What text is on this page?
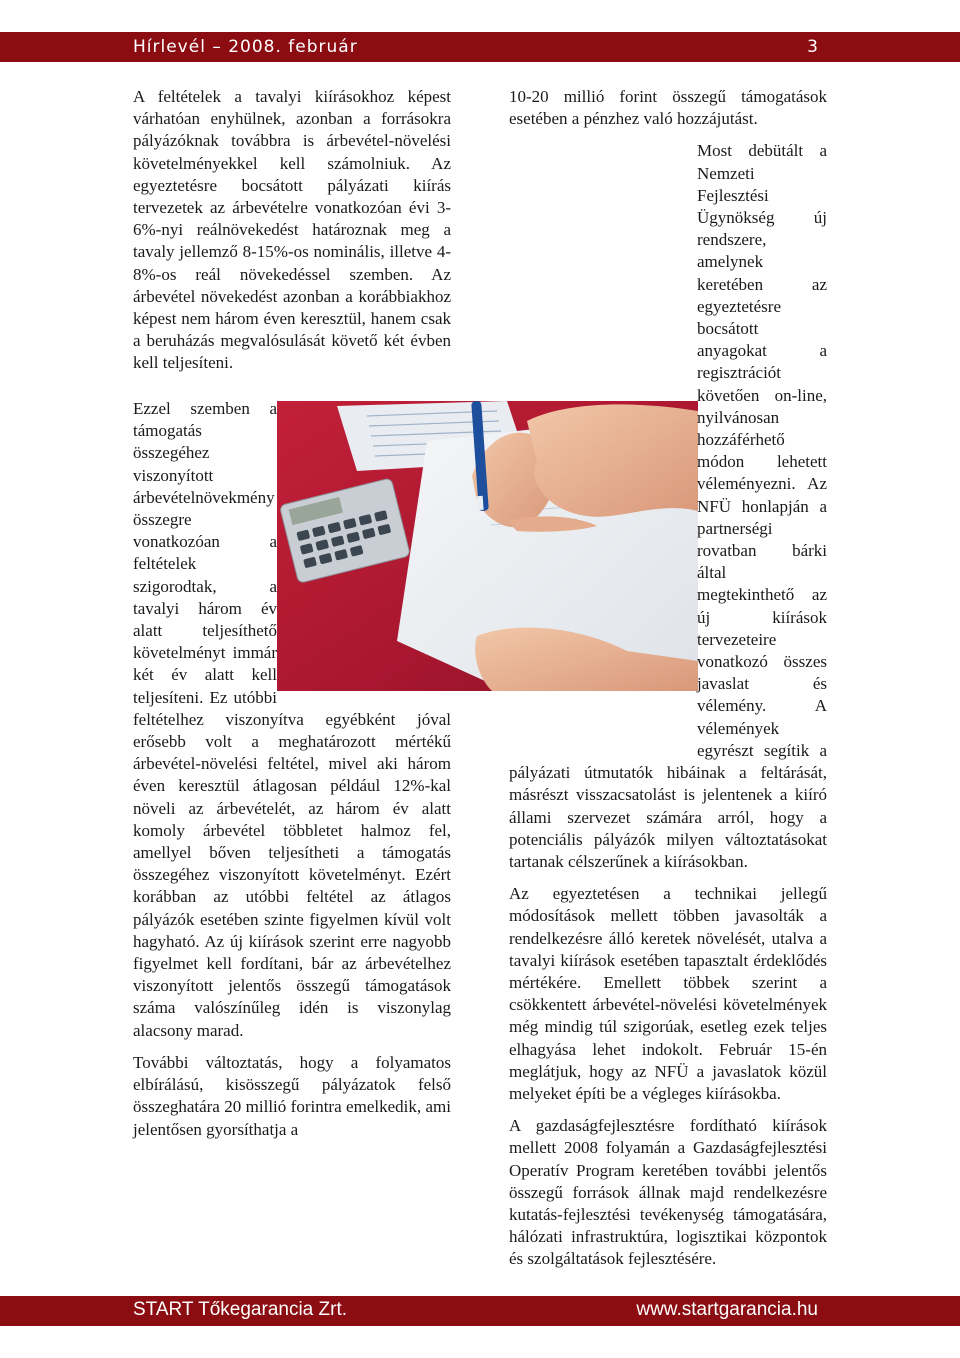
Hírlevél – 2008. február	3

A feltételek a tavalyi kiírásokhoz képest várhatóan enyhülnek, azonban a forrásokra pályázóknak továbbra is árbevétel-növelési követelményekkel kell számolniuk. Az egyeztetésre bocsátott pályázati kiírás tervezetek az árbevételre vonatkozóan évi 3-6%-nyi reálnövekedést határoznak meg a tavaly jellemző 8-15%-os nominális, illetve 4-8%-os reál növekedéssel szemben. Az árbevétel növekedést azonban a korábbiakhoz képest nem három éven keresztül, hanem csak a beruházás megvalósulását követő két évben kell teljesíteni.

Ezzel szemben a támogatás összegéhez viszonyított árbevételnövekmény összegre vonatkozóan a feltételek szigorodtak, a tavalyi három év alatt teljesíthető követelményt immár két év alatt kell teljesíteni. Ez utóbbi feltételhez viszonyítva egyébként jóval erősebb volt a meghatározott mértékű árbevétel-növelési feltétel, mivel aki három éven keresztül átlagosan például 12%-kal növeli az árbevételét, az három év alatt komoly árbevétel többletet halmoz fel, amellyel bőven teljesítheti a támogatás összegéhez viszonyított követelményt. Ezért korábban az utóbbi feltétel az átlagos pályázók esetében szinte figyelmen kívül volt hagyható. Az új kiírások szerint erre nagyobb figyelmet kell fordítani, bár az árbevételhez viszonyított jelentős összegű támogatások száma valószínűleg idén is viszonylag alacsony marad.

További változtatás, hogy a folyamatos elbírálású, kisösszegű pályázatok felső összeghatára 20 millió forintra emelkedik, ami jelentősen gyorsíthatja a

10-20 millió forint összegű támogatások esetében a pénzhez való hozzájutást.

Most debütált a Nemzeti Fejlesztési Ügynökség új rendszere, amelynek keretében az egyeztetésre bocsátott anyagokat a regisztrációt követően on-line, nyilvánosan hozzáférhető módon lehetett véleményezni. Az NFÜ honlapján a partnerségi rovatban bárki által megtekinthető az új kiírások tervezeteire vonatkozó összes javaslat és vélemény. A vélemények egyrészt segítik a pályázati útmutatók hibáinak a feltárását, másrészt visszacsatolást is jelentenek a kiíró állami szervezet számára arról, hogy a potenciális pályázók milyen változtatásokat tartanak célszerűnek a kiírásokban.

Az egyeztetésen a technikai jellegű módosítások mellett többen javasolták a rendelkezésre álló keretek növelését, utalva a tavalyi kiírások esetében tapasztalt érdeklődés mértékére. Emellett többek szerint a csökkentett árbevétel-növelési követelmények még mindig túl szigorúak, esetleg ezek teljes elhagyása lehet indokolt. Február 15-én meglátjuk, hogy az NFÜ a javaslatok közül melyeket építi be a végleges kiírásokba.

A gazdaságfejlesztésre fordítható kiírások mellett 2008 folyamán a Gazdaságfejlesztési Operatív Program keretében további jelentős összegű források állnak majd rendelkezésre kutatás-fejlesztési tevékenység támogatására, hálózati infrastruktúra, logisztikai központok és szolgáltatások fejlesztésére.

START Tőkegarancia Zrt.	www.startgarancia.hu
